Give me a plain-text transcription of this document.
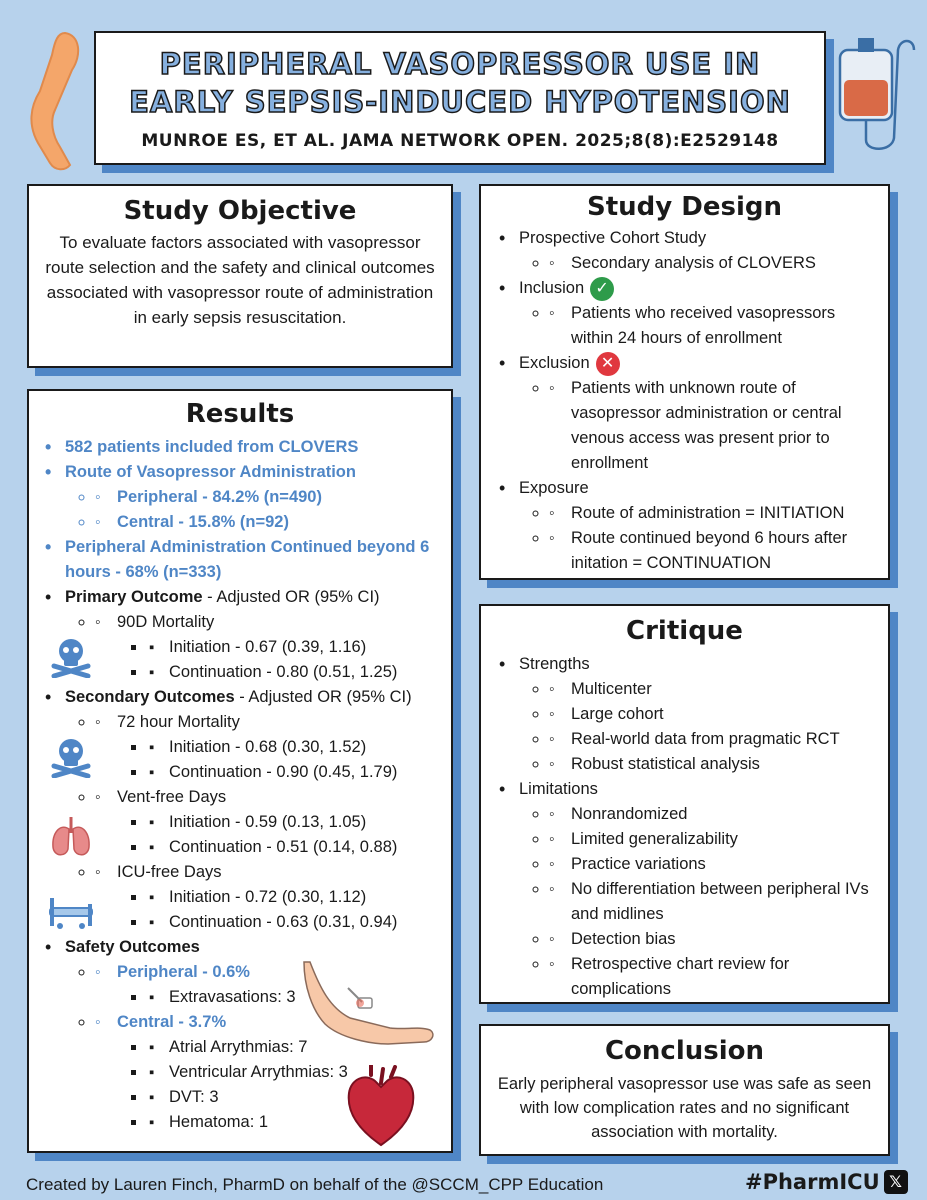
PERIPHERAL VASOPRESSOR USE IN
EARLY SEPSIS-INDUCED HYPOTENSION
MUNROE ES, ET AL. JAMA NETWORK OPEN. 2025;8(8):E2529148
Study Objective
To evaluate factors associated with vasopressor route selection and the safety and clinical outcomes associated with vasopressor route of administration in early sepsis resuscitation.
Study Design
• Prospective Cohort Study
◦ ◦ Secondary analysis of CLOVERS
• Inclusion ✓
◦ ◦ Patients who received vasopressors within 24 hours of enrollment
• Exclusion ✕
◦ ◦ Patients with unknown route of vasopressor administration or central venous access was present prior to enrollment
• Exposure
◦ ◦ Route of administration = INITIATION
◦ ◦ Route continued beyond 6 hours after initation = CONTINUATION
Results
• 582 patients included from CLOVERS
• Route of Vasopressor Administration
◦ ◦ Peripheral - 84.2% (n=490)
◦ ◦ Central - 15.8% (n=92)
• Peripheral Administration Continued beyond 6 hours - 68% (n=333)
• Primary Outcome - Adjusted OR (95% CI)
◦ ◦ 90D Mortality
▪ ▪ Initiation - 0.67 (0.39, 1.16)
▪ ▪ Continuation - 0.80 (0.51, 1.25)
• Secondary Outcomes - Adjusted OR (95% CI)
◦ ◦ 72 hour Mortality
▪ ▪ Initiation - 0.68 (0.30, 1.52)
▪ ▪ Continuation - 0.90 (0.45, 1.79)
◦ ◦ Vent-free Days
▪ ▪ Initiation - 0.59 (0.13, 1.05)
▪ ▪ Continuation - 0.51 (0.14, 0.88)
◦ ◦ ICU-free Days
▪ ▪ Initiation - 0.72 (0.30, 1.12)
▪ ▪ Continuation - 0.63 (0.31, 0.94)
• Safety Outcomes
◦ ◦ Peripheral - 0.6%
▪ ▪ Extravasations: 3
◦ ◦ Central - 3.7%
▪ ▪ Atrial Arrythmias: 7
▪ ▪ Ventricular Arrythmias: 3
▪ ▪ DVT: 3
▪ ▪ Hematoma: 1
Critique
• Strengths
◦ ◦ Multicenter
◦ ◦ Large cohort
◦ ◦ Real-world data from pragmatic RCT
◦ ◦ Robust statistical analysis
• Limitations
◦ ◦ Nonrandomized
◦ ◦ Limited generalizability
◦ ◦ Practice variations
◦ ◦ No differentiation between peripheral IVs and midlines
◦ ◦ Detection bias
◦ ◦ Retrospective chart review for complications
Conclusion
Early peripheral vasopressor use was safe as seen with low complication rates and no significant association with mortality.
Created by Lauren Finch, PharmD on behalf of the @SCCM_CPP Education	#PharmICU 𝕏
